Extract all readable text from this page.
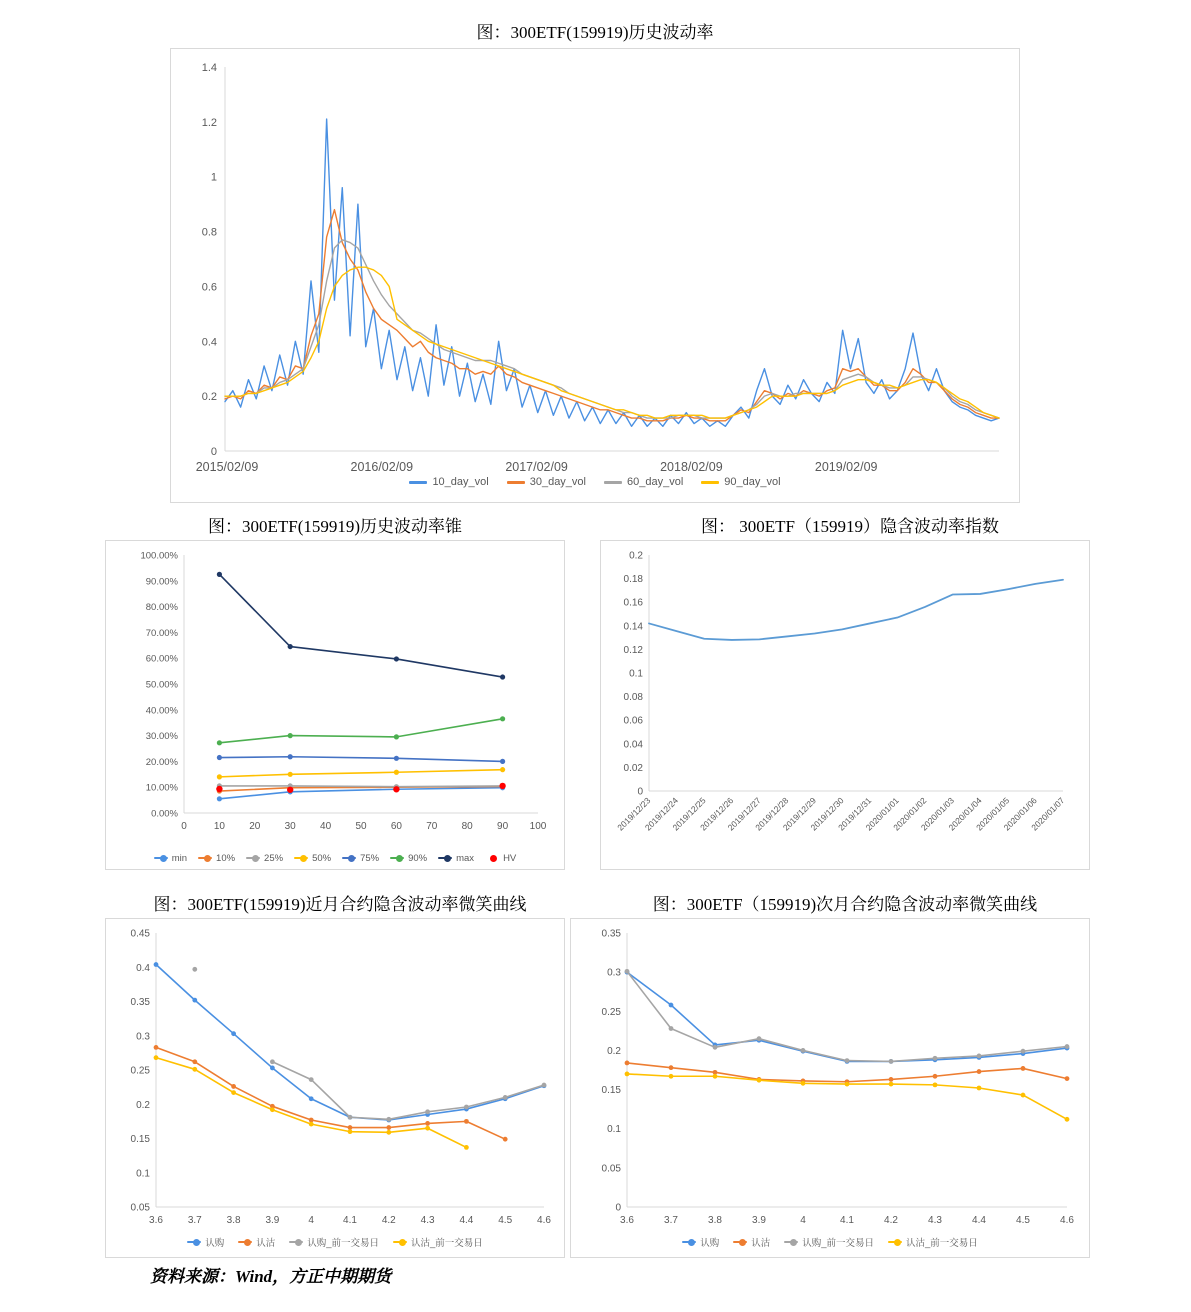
图：300ETF(159919)历史波动率
0
0.2
0.4
0.6
0.8
1
1.2
1.4
2015/02/09	2016/02/09	2017/02/09	2018/02/09	2019/02/09
10_day_vol	30_day_vol	60_day_vol	90_day_vol
图：300ETF(159919)历史波动率锥
0.00%
10.00%
20.00%
30.00%
40.00%
50.00%
60.00%
70.00%
80.00%
90.00%
100.00%
0	10 20 30 40 50 60 70 80 90 100
min	10%	25%	50%	75%	90%	max	HV
图： 300ETF（159919）隐含波动率指数
0
0.02
0.04
0.06
0.08
0.1
0.12
0.14
0.16
0.18
0.2
2019/12/23
2019/12/24
2019/12/25
2019/12/26
2019/12/27
2019/12/28
2019/12/29
2019/12/30
2019/12/31
2020/01/01
2020/01/02
2020/01/03
2020/01/04
2020/01/05
2020/01/06
2020/01/07
图：300ETF(159919)近月合约隐含波动率微笑曲线
0.05
0.1
0.15
0.2
0.25
0.3
0.35
0.4
0.45
3.6 3.7 3.8 3.9	4	4.1 4.2 4.3 4.4 4.5 4.6
认购	认沽	认购_前一交易日	认沽_前一交易日
图：300ETF（159919)次月合约隐含波动率微笑曲线
0
0.05
0.1
0.15
0.2
0.25
0.3
0.35
3.6	3.7	3.8	3.9	4	4.1	4.2	4.3	4.4	4.5	4.6
认购	认沽	认购_前一交易日	认沽_前一交易日
资料来源：Wind，方正中期期货
